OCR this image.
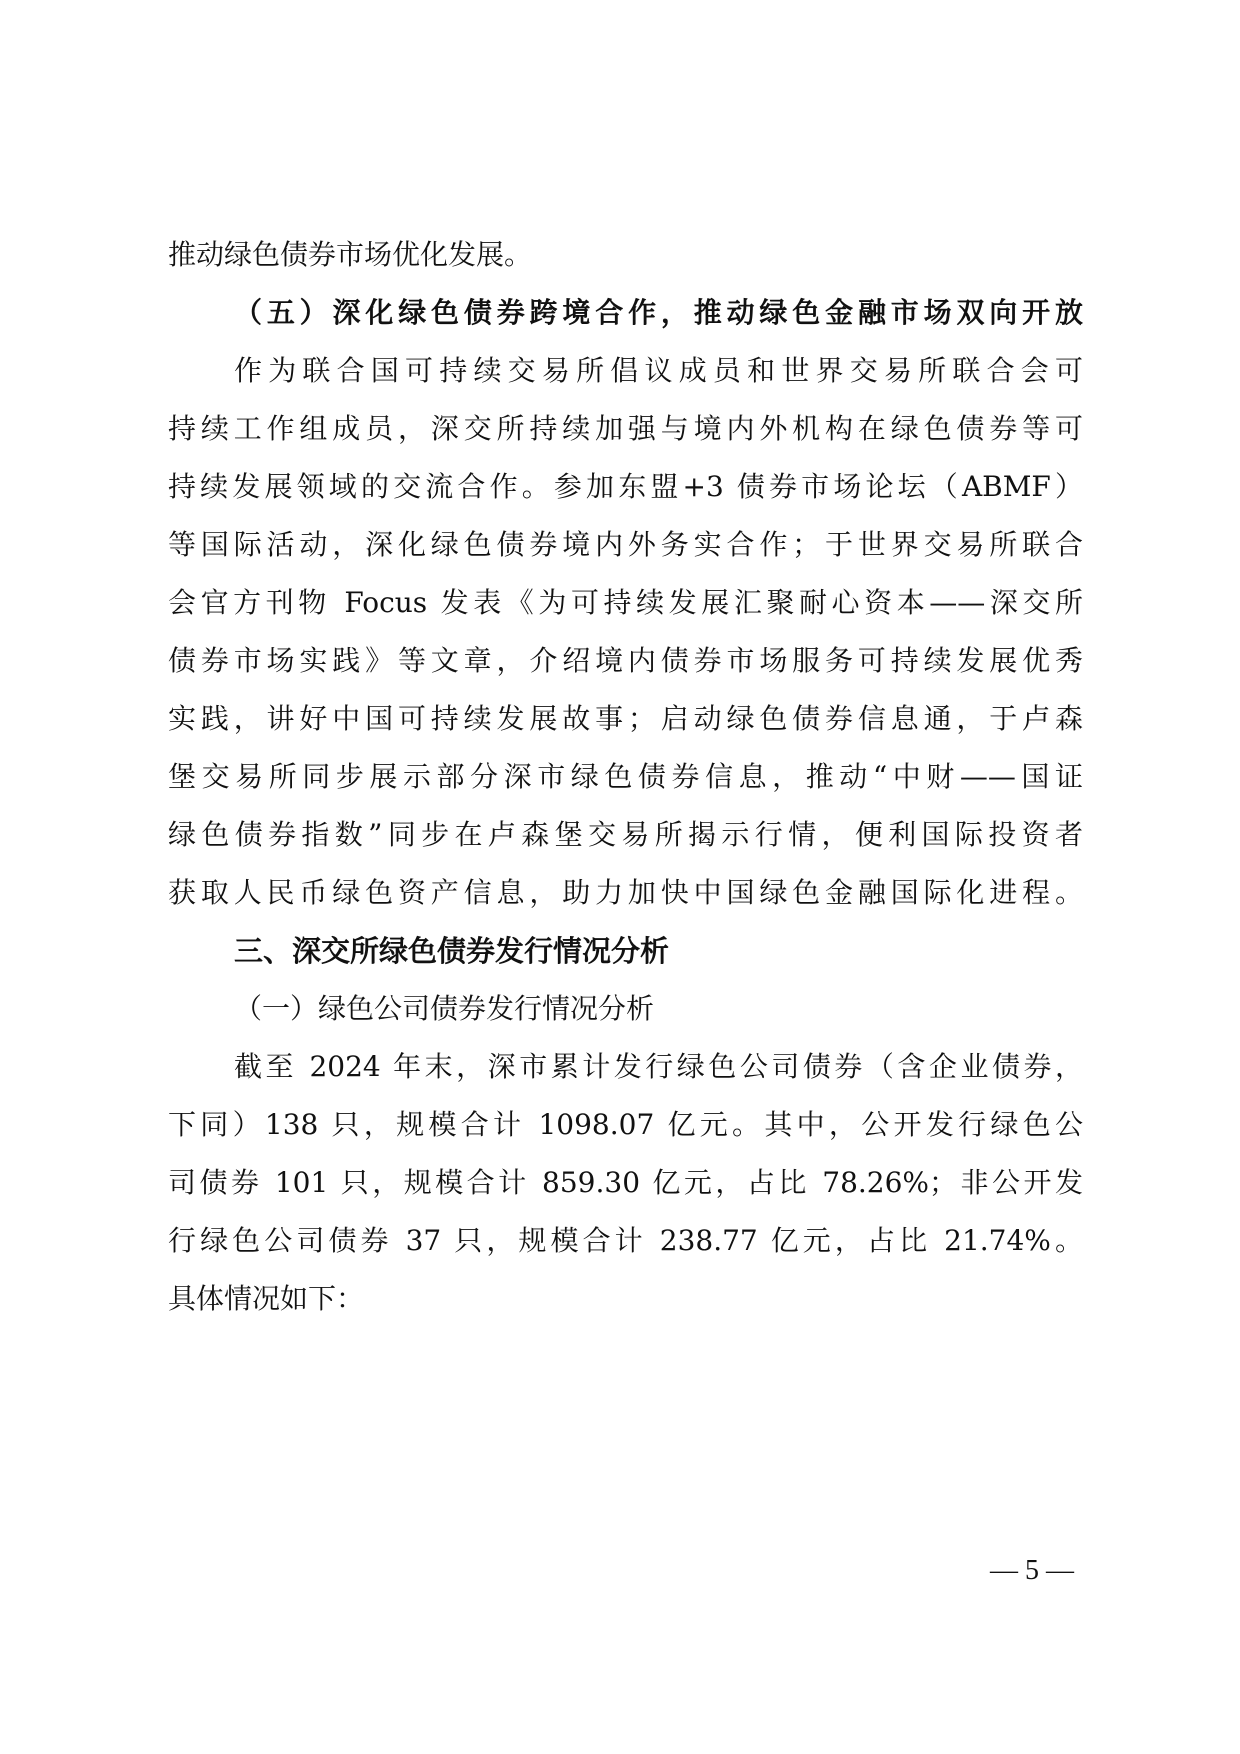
推动绿色债券市场优化发展。
（五）深化绿色债券跨境合作，推动绿色金融市场双向开放
作为联合国可持续交易所倡议成员和世界交易所联合会可
持续工作组成员，深交所持续加强与境内外机构在绿色债券等可
持续发展领域的交流合作。参加东盟+3 债券市场论坛（ABMF）
等国际活动，深化绿色债券境内外务实合作；于世界交易所联合
会官方刊物 Focus 发表《为可持续发展汇聚耐心资本——深交所
债券市场实践》等文章，介绍境内债券市场服务可持续发展优秀
实践，讲好中国可持续发展故事；启动绿色债券信息通，于卢森
堡交易所同步展示部分深市绿色债券信息，推动“中财——国证
绿色债券指数”同步在卢森堡交易所揭示行情，便利国际投资者
获取人民币绿色资产信息，助力加快中国绿色金融国际化进程。
三、深交所绿色债券发行情况分析
（一）绿色公司债券发行情况分析
截至 2024 年末，深市累计发行绿色公司债券（含企业债券，
下同）138 只，规模合计 1098.07 亿元。其中，公开发行绿色公
司债券 101 只，规模合计 859.30 亿元，占比 78.26%；非公开发
行绿色公司债券 37 只，规模合计 238.77 亿元，占比 21.74%。
具体情况如下：
— 5 —
